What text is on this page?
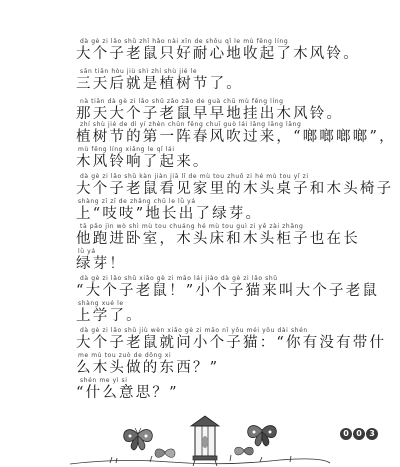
dà gè zi lǎo shǔ zhǐ hǎo nài xīn de shōu qǐ le mù fēng líng
大个子老鼠只好耐心地收起了木风铃。
sān tiān hòu jiù shì zhí shù jié le
三天后就是植树节了。
nà tiān dà gè zi lǎo shǔ zǎo zǎo de guà chū mù fēng líng
那天大个子老鼠早早地挂出木风铃。
zhí shù jié de dì yí zhèn chūn fēng chuī guò lái lāng lāng lāng
植树节的第一阵春风吹过来，“啷啷啷啷”，
mù fēng líng xiǎng le qǐ lái
木风铃响了起来。
dà gè zi lǎo shǔ kàn jiàn jiā lǐ de mù tou zhuō zi hé mù tou yǐ zi
大个子老鼠看见家里的木头桌子和木头椅子
shàng zī zī de zhǎng chū le lǜ yá
上“吱吱”地长出了绿芽。
tā pǎo jìn wò shì mù tou chuáng hé mù tou guì zi yě zài zhǎng
他跑进卧室，木头床和木头柜子也在长
lǜ yá
绿芽！
dà gè zi lǎo shǔ xiǎo gè zi māo lái jiào dà gè zi lǎo shǔ
“大个子老鼠！”小个子猫来叫大个子老鼠
shàng xué le
上学了。
dà gè zi lǎo shǔ jiù wèn xiǎo gè zi māo nǐ yǒu méi yǒu dài shén
大个子老鼠就问小个子猫：“你有没有带什
me mù tou zuò de dōng xi
么木头做的东西？”
shén me yì si
“什么意思？”
0 0 3
